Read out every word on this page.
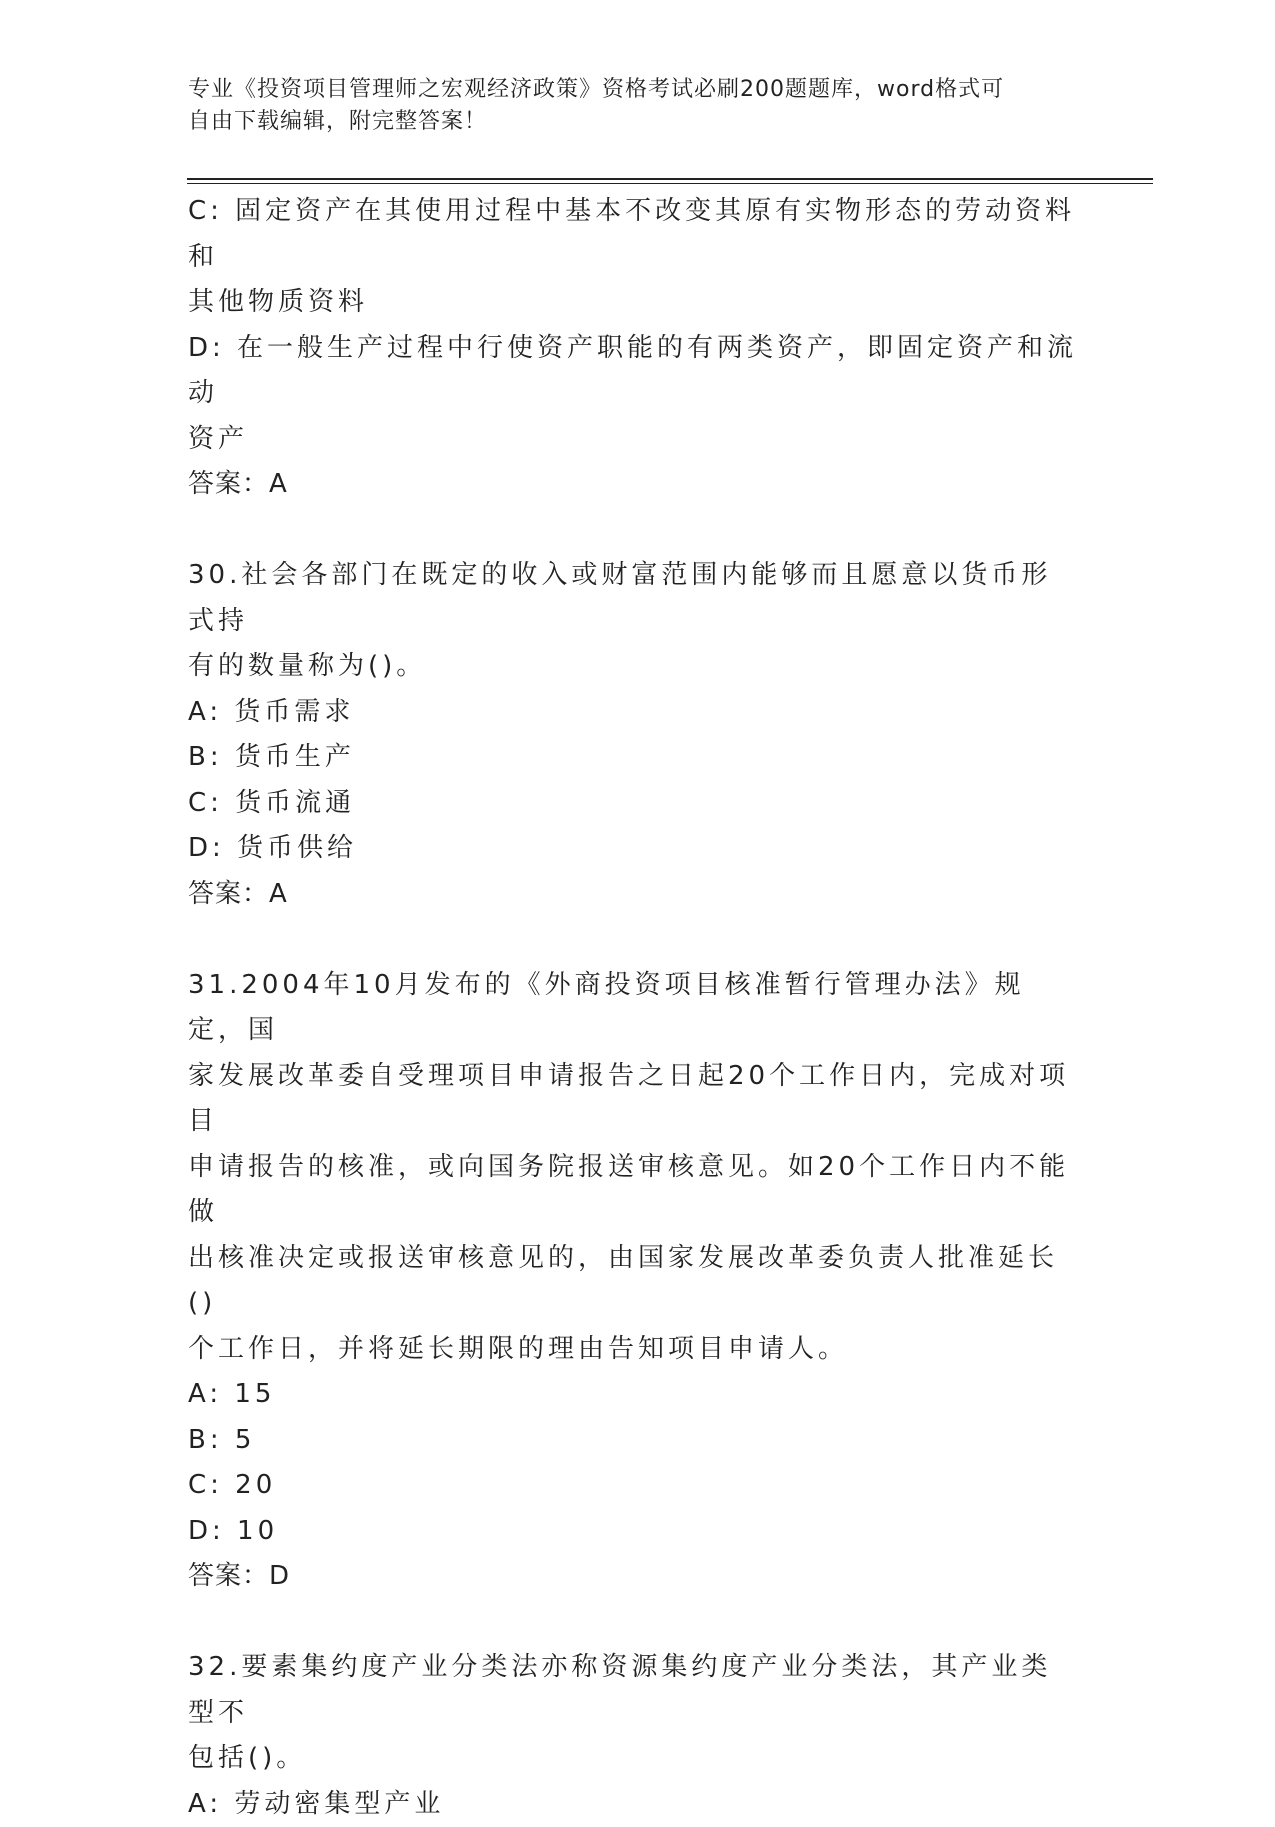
专业《投资项目管理师之宏观经济政策》资格考试必刷200题题库，word格式可
自由下载编辑，附完整答案！
C: 固定资产在其使用过程中基本不改变其原有实物形态的劳动资料和
其他物质资料
D: 在一般生产过程中行使资产职能的有两类资产，即固定资产和流动
资产
答案：A
30.社会各部门在既定的收入或财富范围内能够而且愿意以货币形式持
有的数量称为()。
A: 货币需求
B: 货币生产
C: 货币流通
D: 货币供给
答案：A
31.2004年10月发布的《外商投资项目核准暂行管理办法》规定，国
家发展改革委自受理项目申请报告之日起20个工作日内，完成对项目
申请报告的核准，或向国务院报送审核意见。如20个工作日内不能做
出核准决定或报送审核意见的，由国家发展改革委负责人批准延长()
个工作日，并将延长期限的理由告知项目申请人。
A: 15
B: 5
C: 20
D: 10
答案：D
32.要素集约度产业分类法亦称资源集约度产业分类法，其产业类型不
包括()。
A: 劳动密集型产业
